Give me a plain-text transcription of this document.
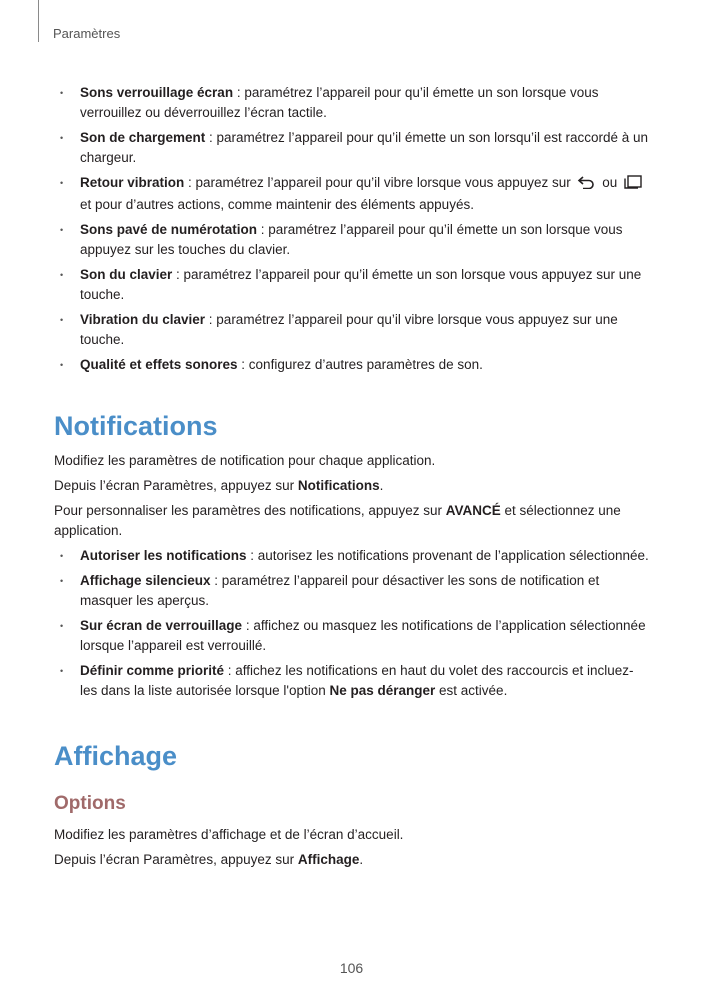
Paramètres
• Sons verrouillage écran : paramétrez l’appareil pour qu’il émette un son lorsque vous verrouillez ou déverrouillez l’écran tactile.
• Son de chargement : paramétrez l’appareil pour qu’il émette un son lorsqu’il est raccordé à un chargeur.
• Retour vibration : paramétrez l’appareil pour qu’il vibre lorsque vous appuyez sur  ou  et pour d’autres actions, comme maintenir des éléments appuyés.
• Sons pavé de numérotation : paramétrez l’appareil pour qu’il émette un son lorsque vous appuyez sur les touches du clavier.
• Son du clavier : paramétrez l’appareil pour qu’il émette un son lorsque vous appuyez sur une touche.
• Vibration du clavier : paramétrez l’appareil pour qu’il vibre lorsque vous appuyez sur une touche.
• Qualité et effets sonores : configurez d’autres paramètres de son.
Notifications

Modifiez les paramètres de notification pour chaque application.

Depuis l’écran Paramètres, appuyez sur Notifications.

Pour personnaliser les paramètres des notifications, appuyez sur AVANCÉ et sélectionnez une application.

• Autoriser les notifications : autorisez les notifications provenant de l’application sélectionnée.
• Affichage silencieux : paramétrez l’appareil pour désactiver les sons de notification et masquer les aperçus.
• Sur écran de verrouillage : affichez ou masquez les notifications de l’application sélectionnée lorsque l’appareil est verrouillé.
• Définir comme priorité : affichez les notifications en haut du volet des raccourcis et incluez-les dans la liste autorisée lorsque l'option Ne pas déranger est activée.
Affichage
Options

Modifiez les paramètres d’affichage et de l’écran d’accueil.

Depuis l’écran Paramètres, appuyez sur Affichage.

106
